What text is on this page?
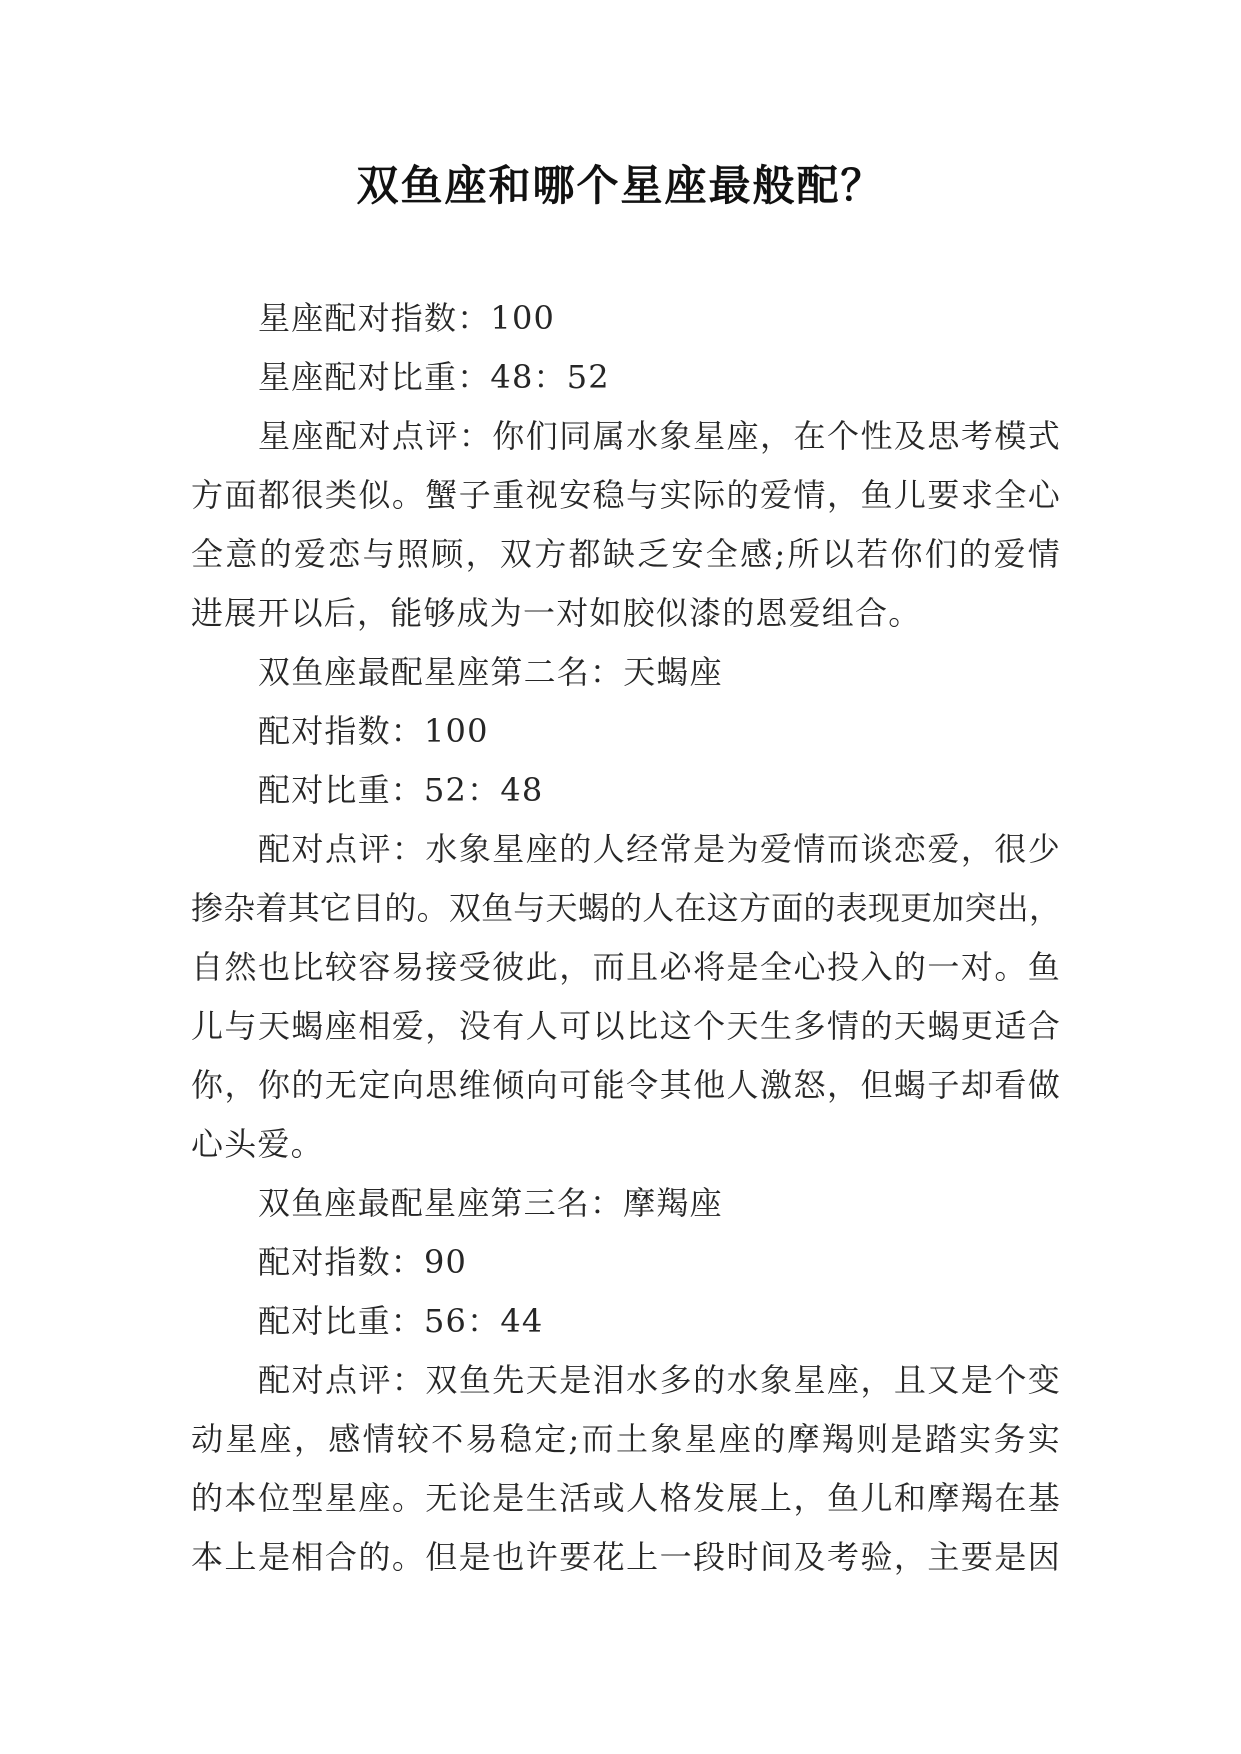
双鱼座和哪个星座最般配？
星座配对指数：100
星座配对比重：48：52
星座配对点评：你们同属水象星座，在个性及思考模式
方面都很类似。蟹子重视安稳与实际的爱情，鱼儿要求全心
全意的爱恋与照顾，双方都缺乏安全感;所以若你们的爱情
进展开以后，能够成为一对如胶似漆的恩爱组合。
双鱼座最配星座第二名：天蝎座
配对指数：100
配对比重：52：48
配对点评：水象星座的人经常是为爱情而谈恋爱，很少
掺杂着其它目的。双鱼与天蝎的人在这方面的表现更加突出，
自然也比较容易接受彼此，而且必将是全心投入的一对。鱼
儿与天蝎座相爱，没有人可以比这个天生多情的天蝎更适合
你，你的无定向思维倾向可能令其他人激怒，但蝎子却看做
心头爱。
双鱼座最配星座第三名：摩羯座
配对指数：90
配对比重：56：44
配对点评：双鱼先天是泪水多的水象星座，且又是个变
动星座，感情较不易稳定;而土象星座的摩羯则是踏实务实
的本位型星座。无论是生活或人格发展上，鱼儿和摩羯在基
本上是相合的。但是也许要花上一段时间及考验，主要是因
